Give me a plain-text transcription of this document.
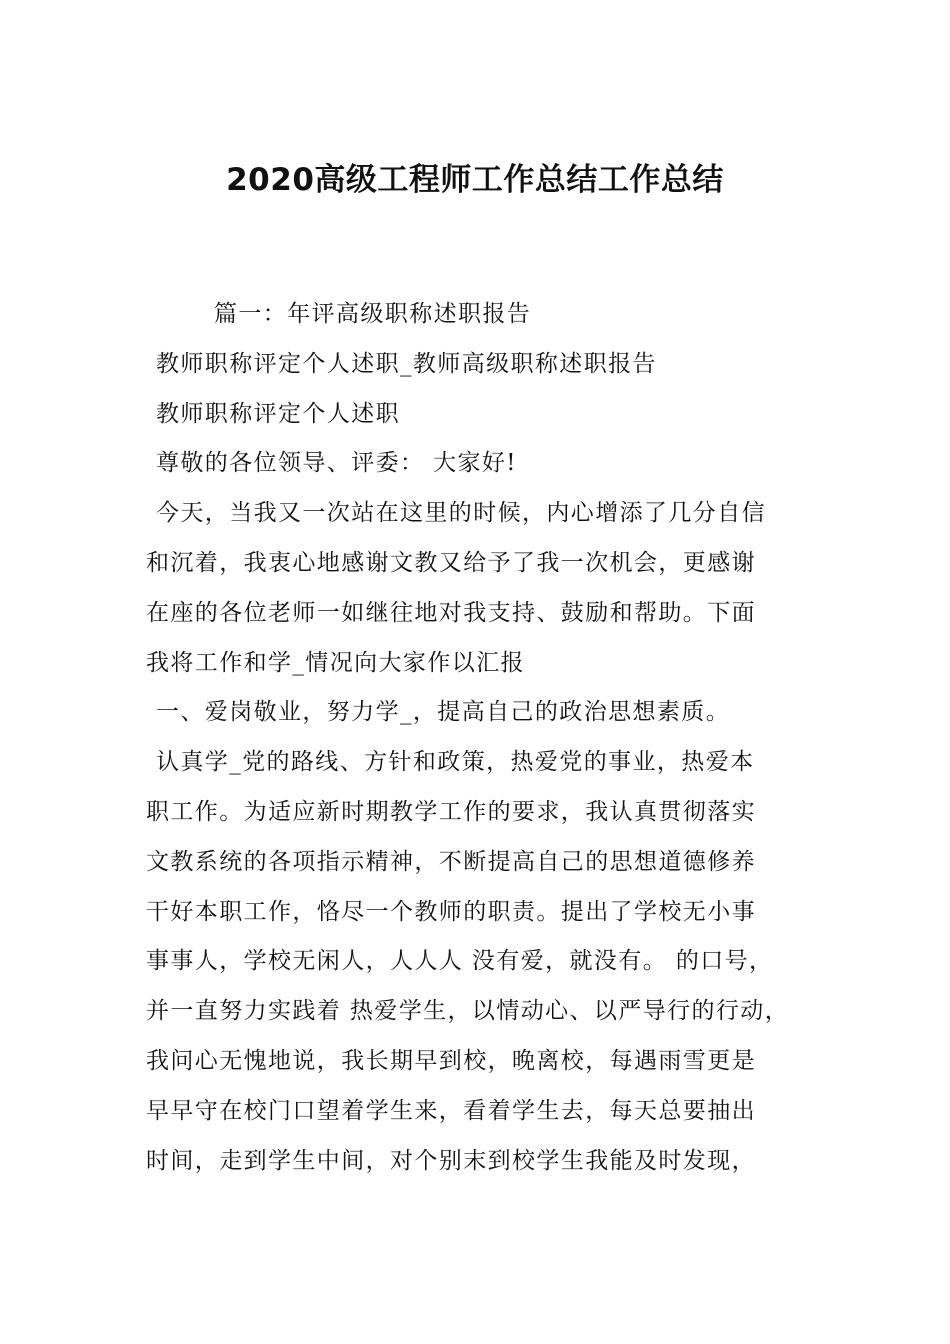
2020高级工程师工作总结工作总结
篇一：年评高级职称述职报告
教师职称评定个人述职_教师高级职称述职报告
教师职称评定个人述职
尊敬的各位领导、评委： 大家好!
今天，当我又一次站在这里的时候，内心增添了几分自信
和沉着，我衷心地感谢文教又给予了我一次机会，更感谢
在座的各位老师一如继往地对我支持、鼓励和帮助。下面
我将工作和学_情况向大家作以汇报
一、爱岗敬业，努力学_，提高自己的政治思想素质。
认真学_党的路线、方针和政策，热爱党的事业，热爱本
职工作。为适应新时期教学工作的要求，我认真贯彻落实
文教系统的各项指示精神，不断提高自己的思想道德修养
干好本职工作，恪尽一个教师的职责。提出了学校无小事
事事人，学校无闲人，人人人 没有爱，就没有。 的口号，
并一直努力实践着 热爱学生，以情动心、以严导行的行动，
我问心无愧地说，我长期早到校，晚离校，每遇雨雪更是
早早守在校门口望着学生来，看着学生去，每天总要抽出
时间，走到学生中间，对个别末到校学生我能及时发现，
